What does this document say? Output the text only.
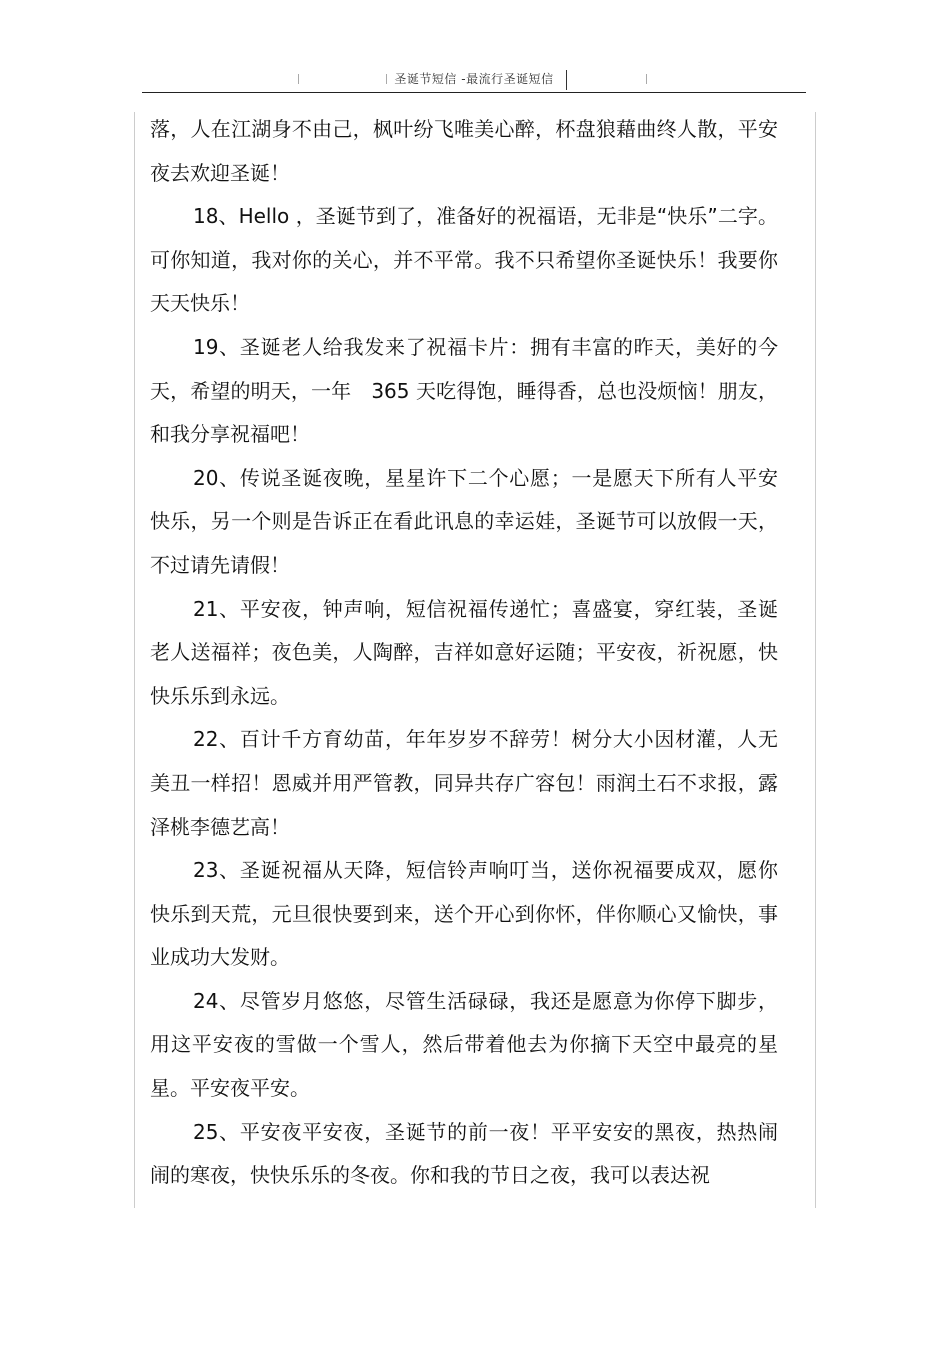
圣诞节短信 -最流行圣诞短信

落，人在江湖身不由己，枫叶纷飞唯美心醉，杯盘狼藉曲终人散，平安夜去欢迎圣诞！

18、Hello ，圣诞节到了，准备好的祝福语，无非是“快乐”二字。可你知道，我对你的关心，并不平常。我不只希望你圣诞快乐！我要你天天快乐！

19、圣诞老人给我发来了祝福卡片：拥有丰富的昨天，美好的今天，希望的明天，一年　365 天吃得饱，睡得香，总也没烦恼！朋友，和我分享祝福吧！

20、传说圣诞夜晚，星星许下二个心愿；一是愿天下所有人平安快乐，另一个则是告诉正在看此讯息的幸运娃，圣诞节可以放假一天，不过请先请假！

21、平安夜，钟声响，短信祝福传递忙；喜盛宴，穿红装，圣诞老人送福祥；夜色美，人陶醉，吉祥如意好运随；平安夜，祈祝愿，快快乐乐到永远。

22、百计千方育幼苗，年年岁岁不辞劳！树分大小因材灌，人无美丑一样招！恩威并用严管教，同异共存广容包！雨润土石不求报，露泽桃李德艺高！

23、圣诞祝福从天降，短信铃声响叮当，送你祝福要成双，愿你快乐到天荒，元旦很快要到来，送个开心到你怀，伴你顺心又愉快，事业成功大发财。

24、尽管岁月悠悠，尽管生活碌碌，我还是愿意为你停下脚步，用这平安夜的雪做一个雪人，然后带着他去为你摘下天空中最亮的星星。平安夜平安。

25、平安夜平安夜，圣诞节的前一夜！平平安安的黑夜，热热闹闹的寒夜，快快乐乐的冬夜。你和我的节日之夜，我可以表达祝
